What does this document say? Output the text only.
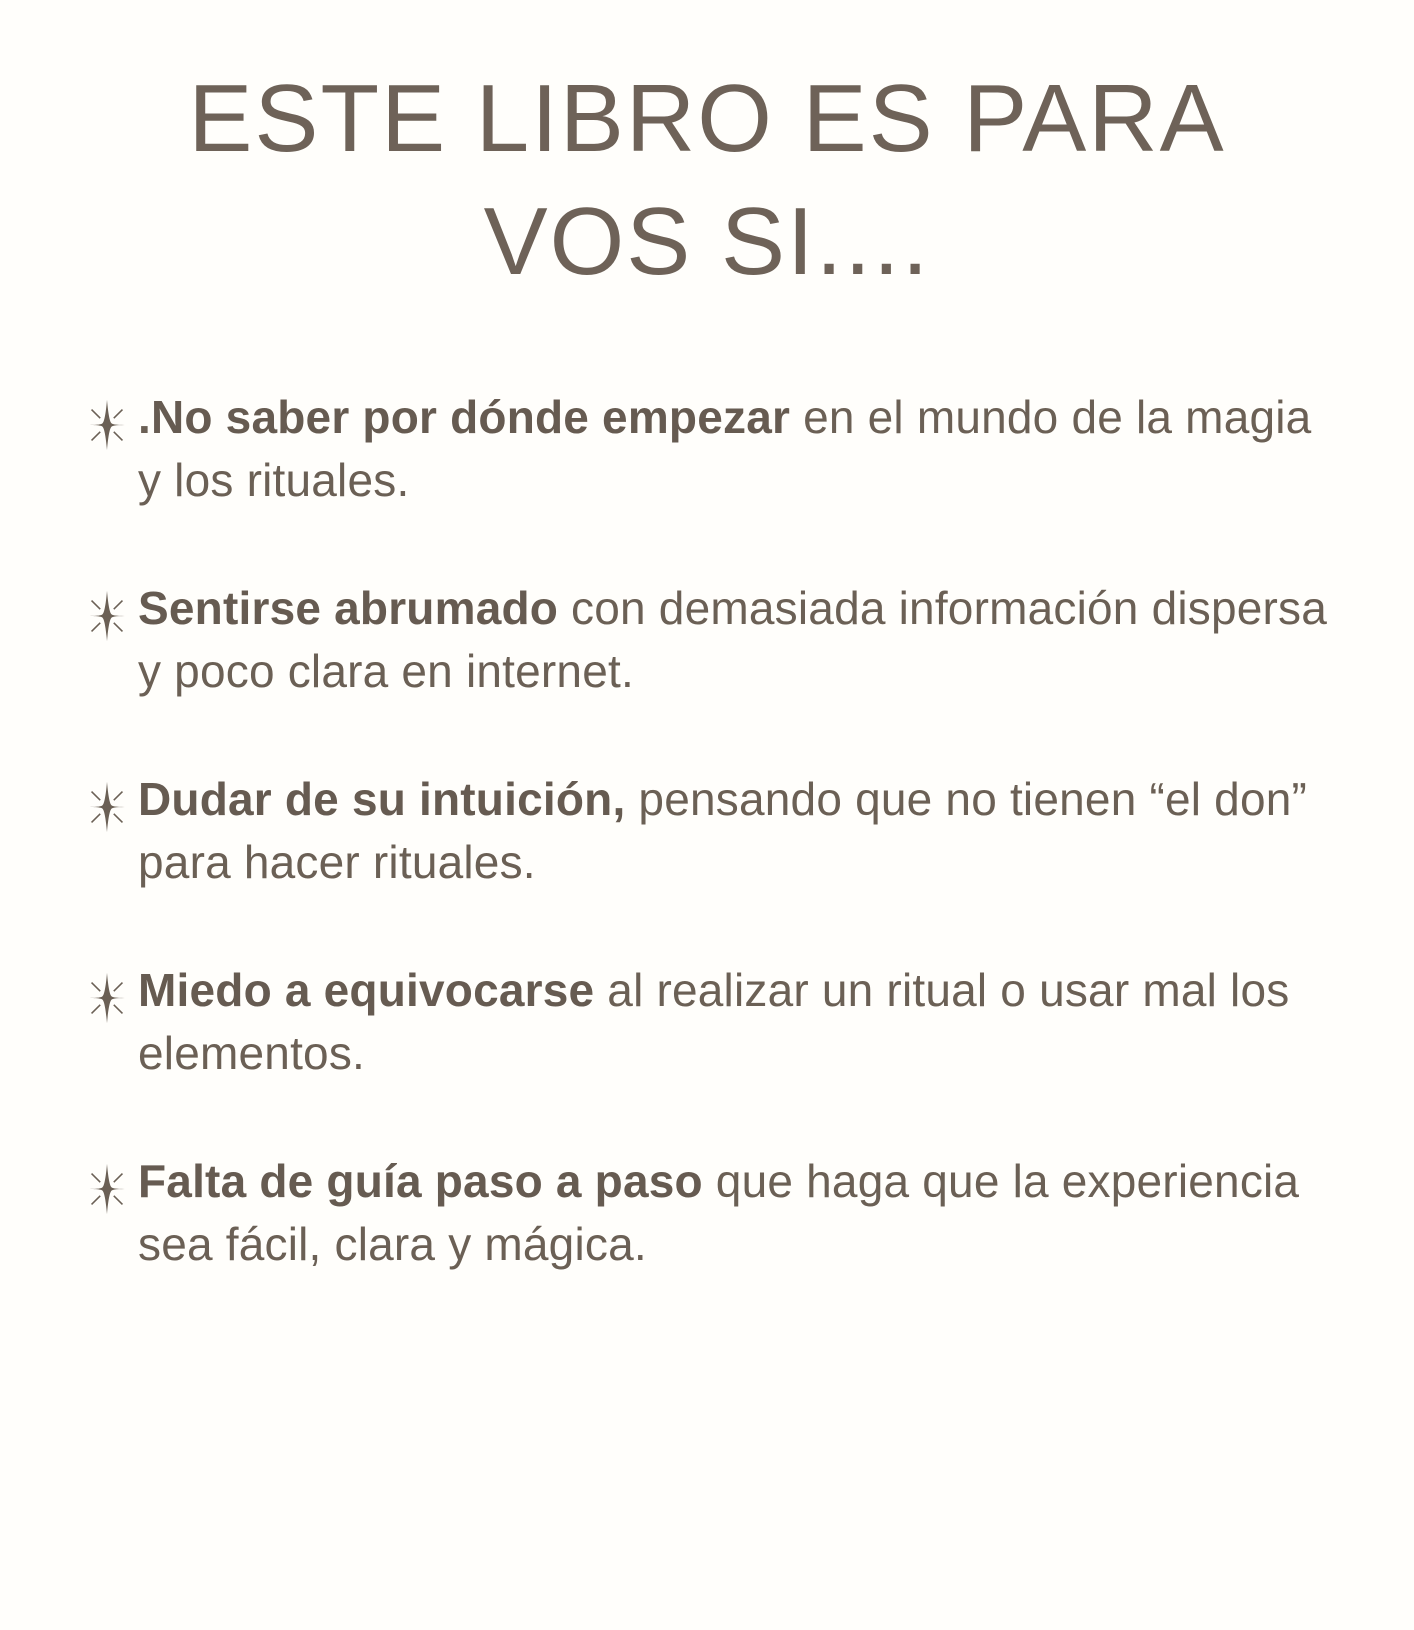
ESTE LIBRO ES PARA
VOS SI....
.No saber por dónde empezar en el mundo de la magia y los rituales.
Sentirse abrumado con demasiada información dispersa y poco clara en internet.
Dudar de su intuición, pensando que no tienen “el don” para hacer rituales.
Miedo a equivocarse al realizar un ritual o usar mal los elementos.
Falta de guía paso a paso que haga que la experiencia sea fácil, clara y mágica.
